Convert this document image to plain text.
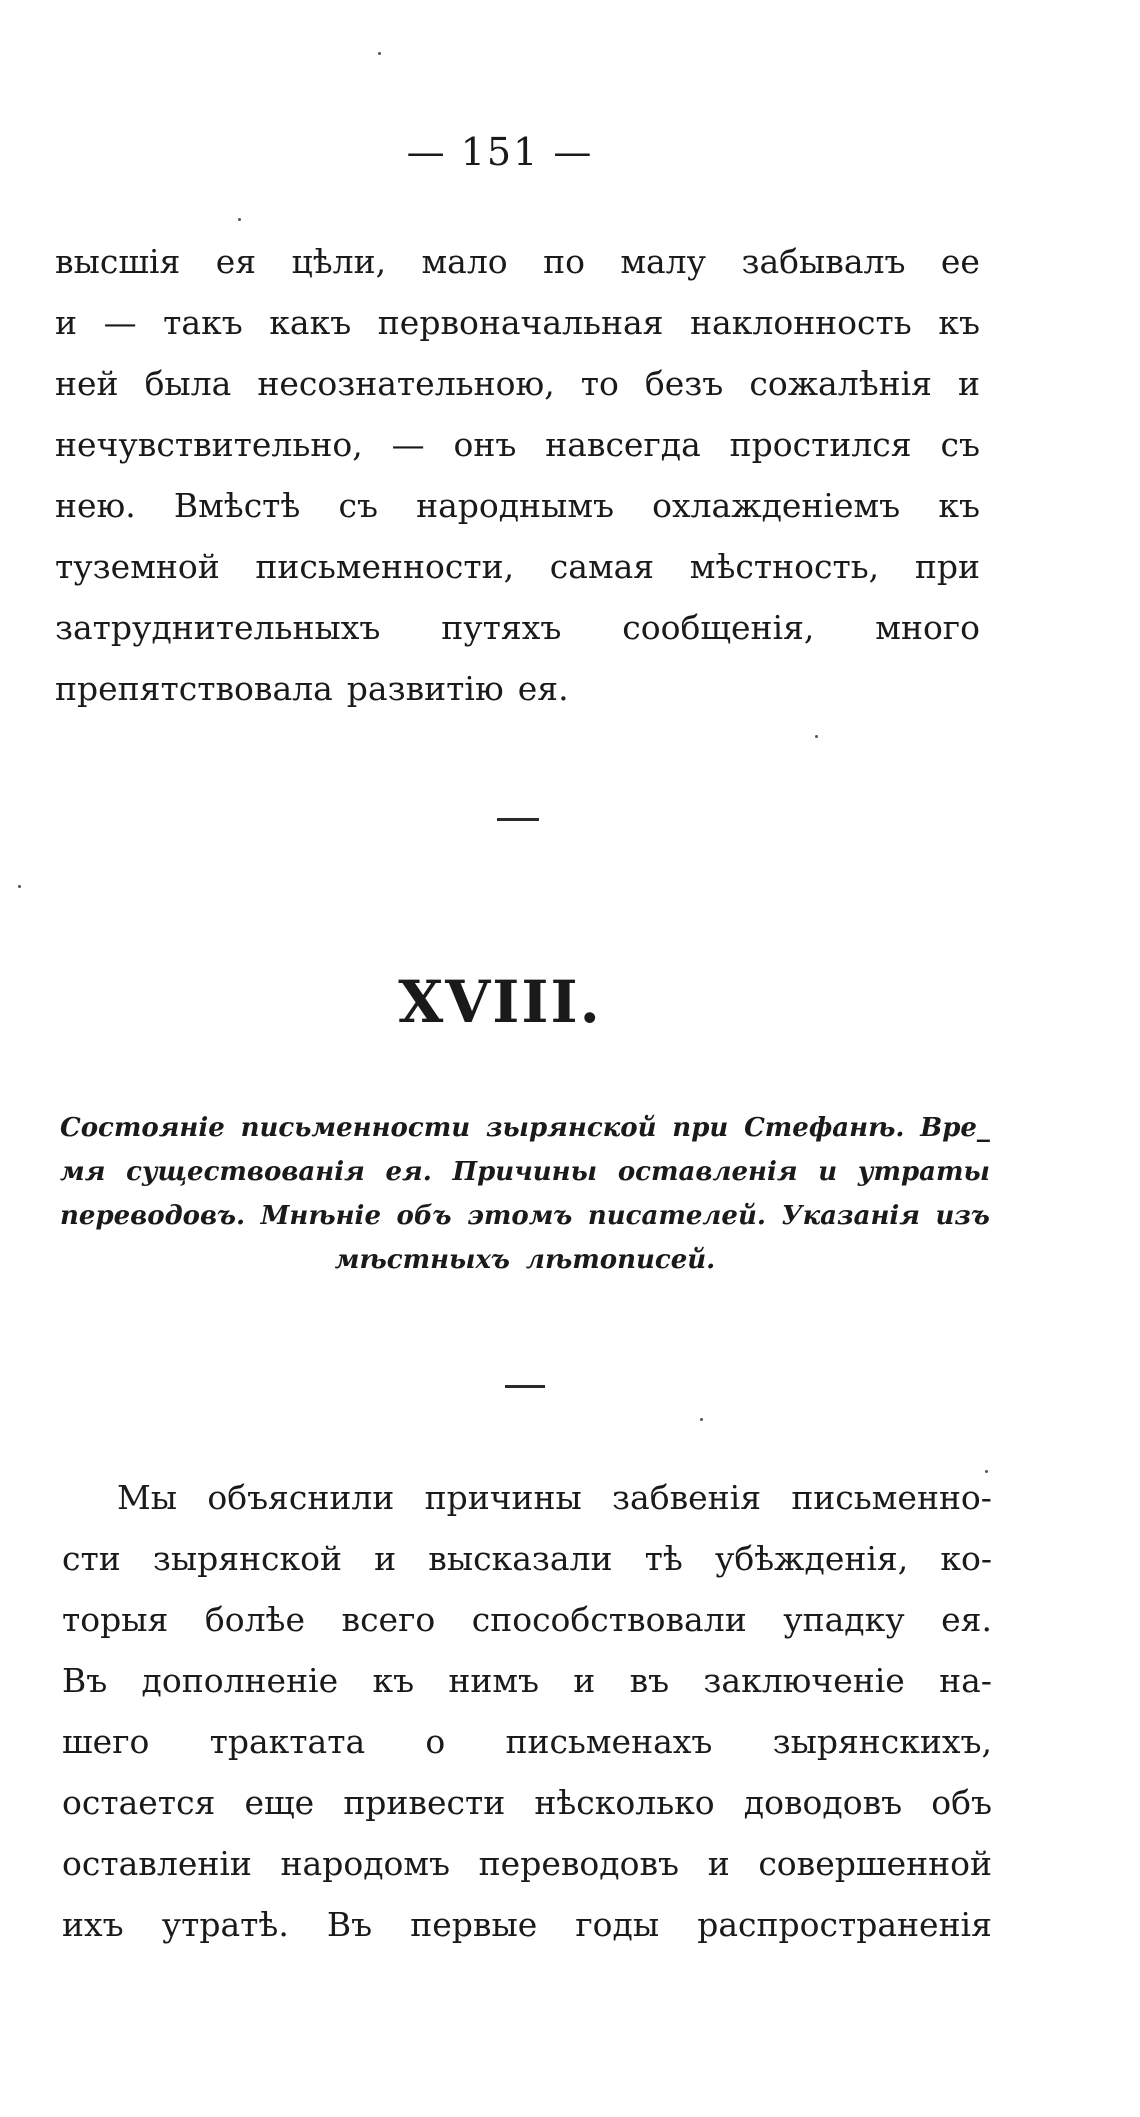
— 151 —
высшія ея цѣли, мало по малу забывалъ ее
и — такъ какъ первоначальная наклонность къ
ней была несознательною, то безъ сожалѣнія и
нечувствительно, — онъ навсегда простился съ
нею. Вмѣстѣ съ народнымъ охлажденіемъ къ
туземной письменности, самая мѣстность, при
затруднительныхъ путяхъ сообщенія, много
препятствовала развитію ея.
XVIII.
Состояніе письменности зырянской при Стефанѣ. Вре_
мя существованія ея. Причины оставленія и утраты
переводовъ. Мнѣніе объ этомъ писателей. Указанія изъ
мѣстныхъ лѣтописей.
Мы объяснили причины забвенія письменно-
сти зырянской и высказали тѣ убѣжденія, ко-
торыя болѣе всего способствовали упадку ея.
Въ дополненіе къ нимъ и въ заключеніе на-
шего трактата о письменахъ зырянскихъ,
остается еще привести нѣсколько доводовъ объ
оставленіи народомъ переводовъ и совершенной
ихъ утратѣ. Въ первые годы распространенія
